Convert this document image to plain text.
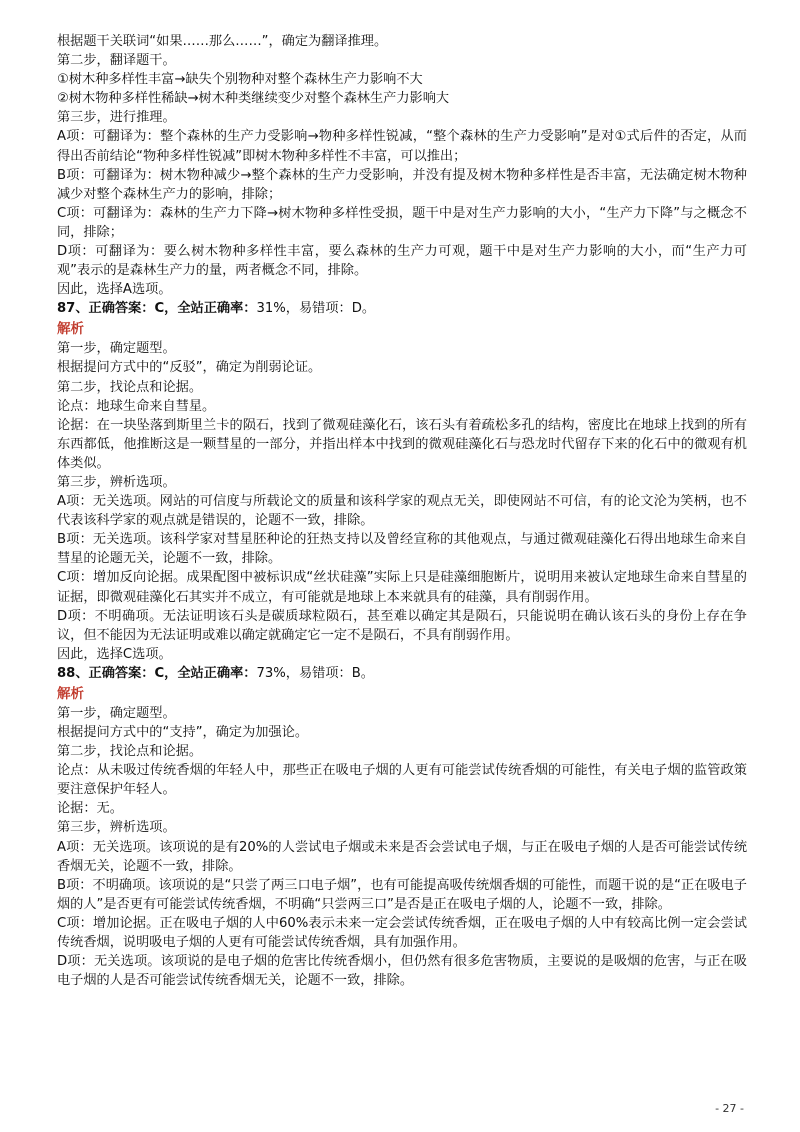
根据题干关联词“如果……那么……”，确定为翻译推理。

第二步，翻译题干。

①树木种多样性丰富→缺失个别物种对整个森林生产力影响不大

②树木物种多样性稀缺→树木种类继续变少对整个森林生产力影响大

第三步，进行推理。

A项：可翻译为：整个森林的生产力受影响→物种多样性锐减，“整个森林的生产力受影响”是对①式后件的否定，从而得出否前结论“物种多样性锐减”即树木物种多样性不丰富，可以推出；

B项：可翻译为：树木物种减少→整个森林的生产力受影响，并没有提及树木物种多样性是否丰富，无法确定树木物种减少对整个森林生产力的影响，排除；

C项：可翻译为：森林的生产力下降→树木物种多样性受损，题干中是对生产力影响的大小，“生产力下降”与之概念不同，排除；

D项：可翻译为：要么树木物种多样性丰富，要么森林的生产力可观，题干中是对生产力影响的大小，而“生产力可观”表示的是森林生产力的量，两者概念不同，排除。

因此，选择A选项。

87、正确答案：C，全站正确率：31%，易错项：D。

解析

第一步，确定题型。

根据提问方式中的“反驳”，确定为削弱论证。

第二步，找论点和论据。

论点：地球生命来自彗星。

论据：在一块坠落到斯里兰卡的陨石，找到了微观硅藻化石，该石头有着疏松多孔的结构，密度比在地球上找到的所有东西都低，他推断这是一颗彗星的一部分，并指出样本中找到的微观硅藻化石与恐龙时代留存下来的化石中的微观有机体类似。

第三步，辨析选项。

A项：无关选项。网站的可信度与所载论文的质量和该科学家的观点无关，即使网站不可信，有的论文沦为笑柄，也不代表该科学家的观点就是错误的，论题不一致，排除。

B项：无关选项。该科学家对彗星胚种论的狂热支持以及曾经宣称的其他观点，与通过微观硅藻化石得出地球生命来自彗星的论题无关，论题不一致，排除。

C项：增加反向论据。成果配图中被标识成“丝状硅藻”实际上只是硅藻细胞断片，说明用来被认定地球生命来自彗星的证据，即微观硅藻化石其实并不成立，有可能就是地球上本来就具有的硅藻，具有削弱作用。

D项：不明确项。无法证明该石头是碳质球粒陨石，甚至难以确定其是陨石，只能说明在确认该石头的身份上存在争议，但不能因为无法证明或难以确定就确定它一定不是陨石，不具有削弱作用。

因此，选择C选项。

88、正确答案：C，全站正确率：73%，易错项：B。

解析

第一步，确定题型。

根据提问方式中的“支持”，确定为加强论。

第二步，找论点和论据。

论点：从未吸过传统香烟的年轻人中，那些正在吸电子烟的人更有可能尝试传统香烟的可能性，有关电子烟的监管政策要注意保护年轻人。

论据：无。

第三步，辨析选项。

A项：无关选项。该项说的是有20%的人尝试电子烟或未来是否会尝试电子烟，与正在吸电子烟的人是否可能尝试传统香烟无关，论题不一致，排除。

B项：不明确项。该项说的是“只尝了两三口电子烟”，也有可能提高吸传统烟香烟的可能性，而题干说的是“正在吸电子烟的人”是否更有可能尝试传统香烟，不明确“只尝两三口”是否是正在吸电子烟的人，论题不一致，排除。

C项：增加论据。正在吸电子烟的人中60%表示未来一定会尝试传统香烟，正在吸电子烟的人中有较高比例一定会尝试传统香烟，说明吸电子烟的人更有可能尝试传统香烟，具有加强作用。

D项：无关选项。该项说的是电子烟的危害比传统香烟小，但仍然有很多危害物质，主要说的是吸烟的危害，与正在吸电子烟的人是否可能尝试传统香烟无关，论题不一致，排除。

- 27 -
